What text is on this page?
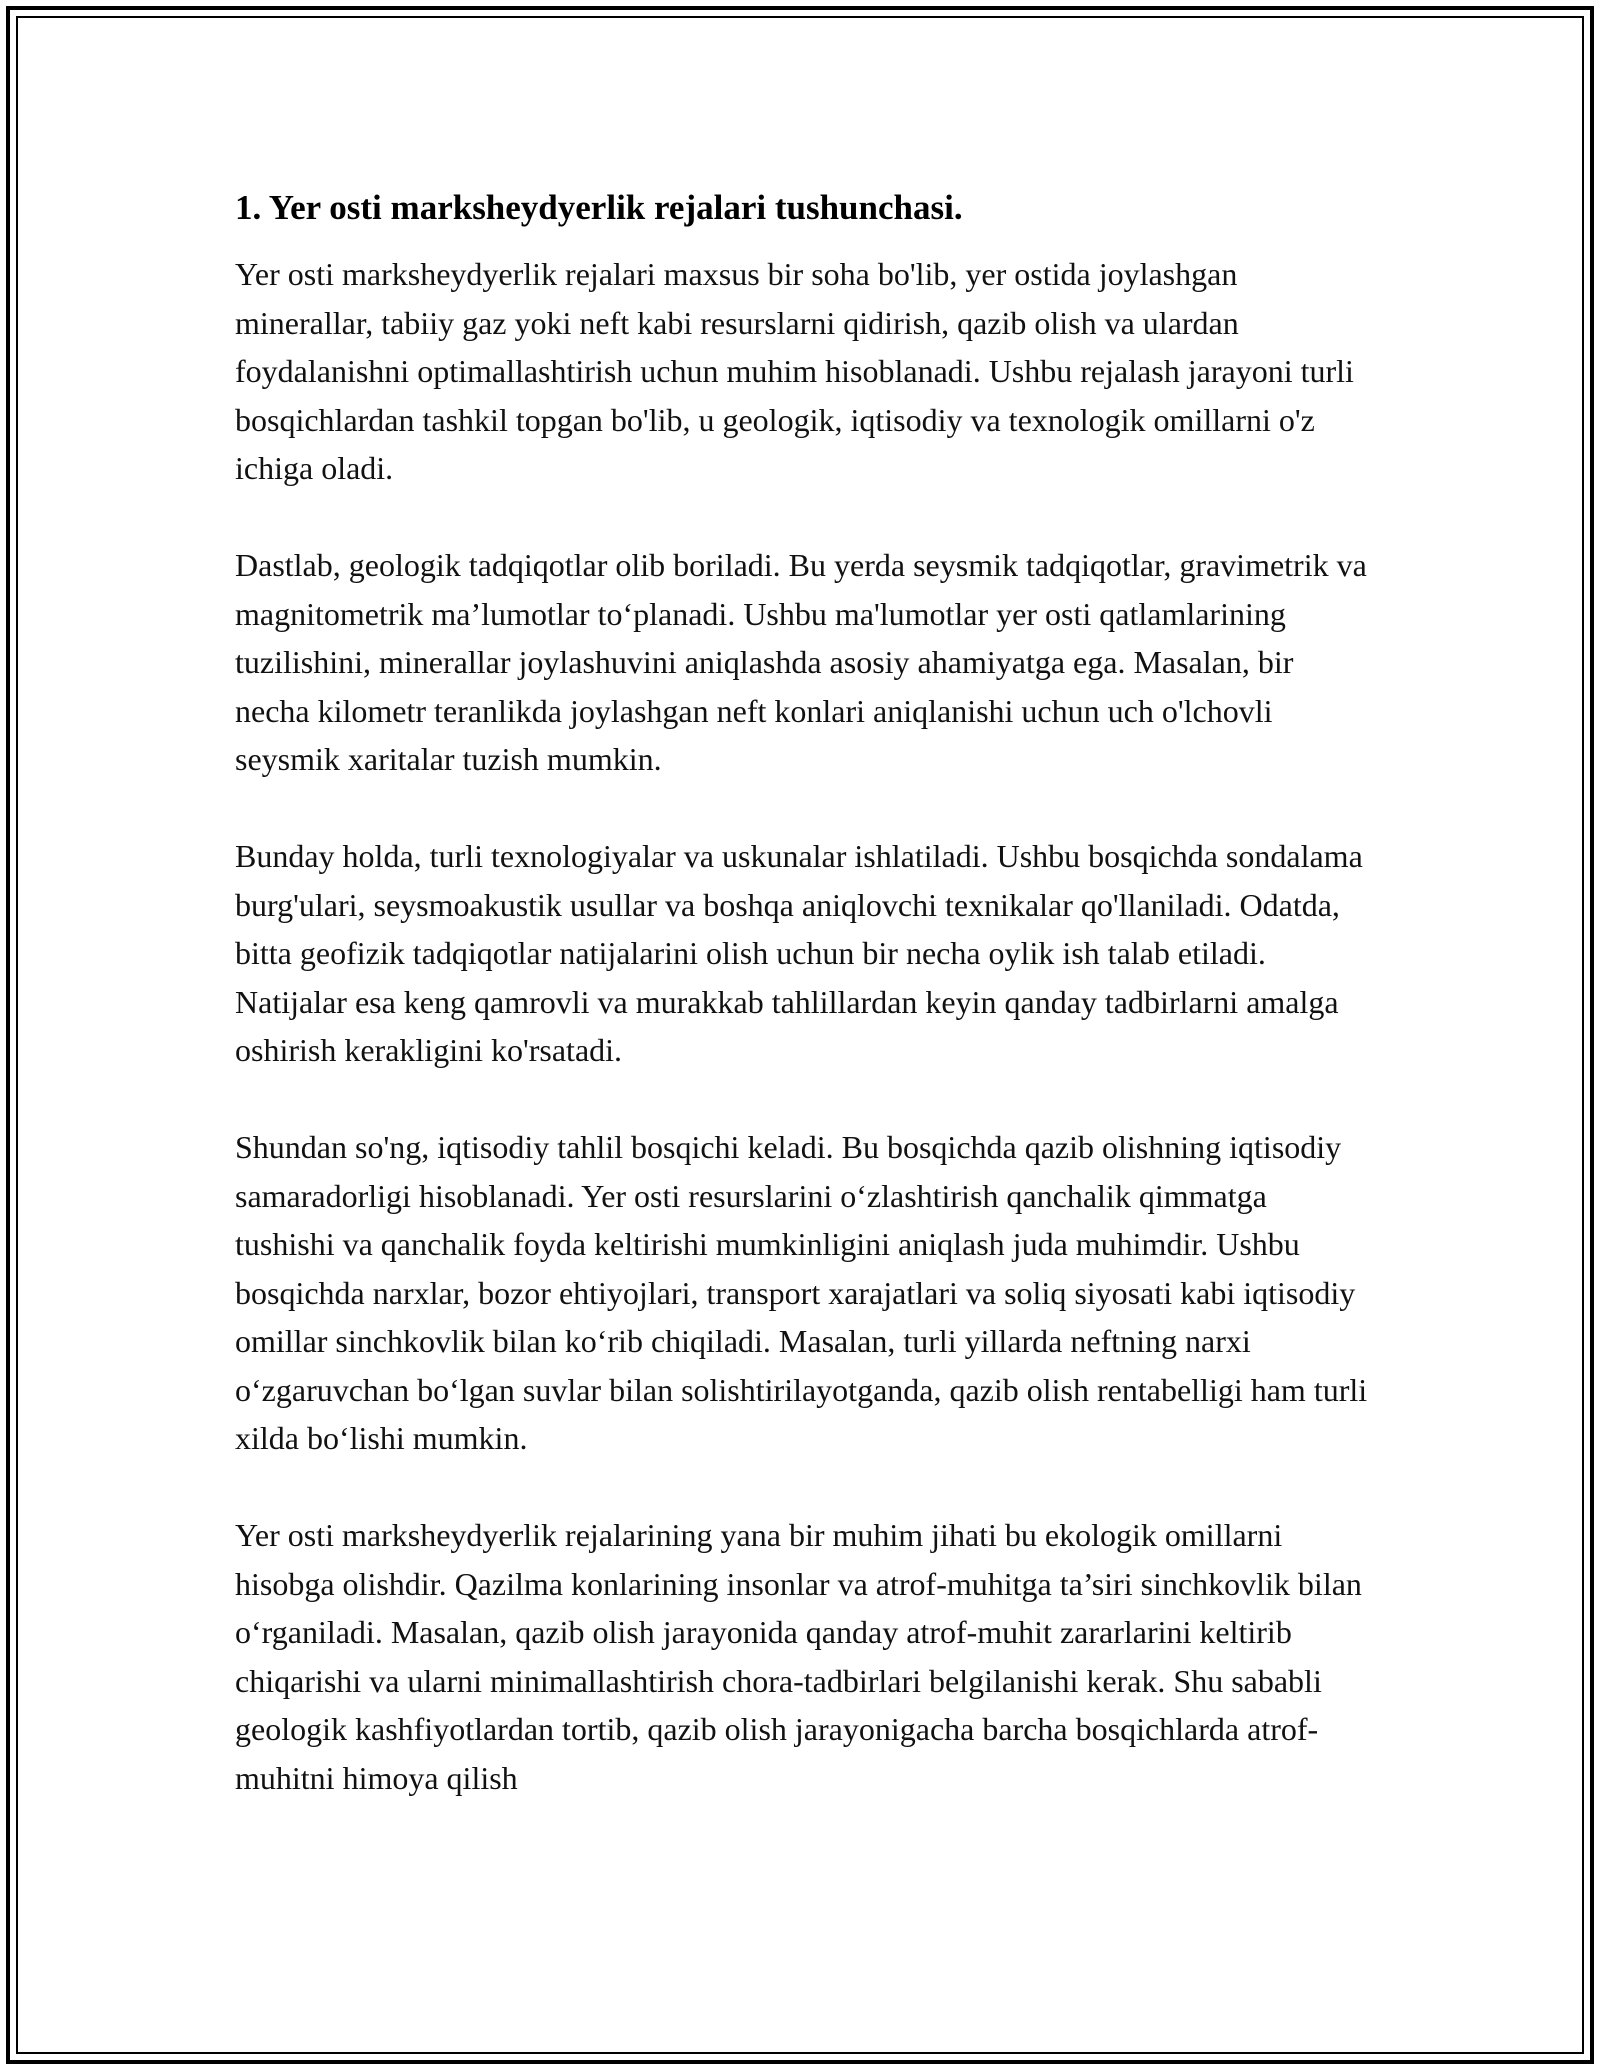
1. Yer osti marksheydyerlik rejalari tushunchasi.

Yer osti marksheydyerlik rejalari maxsus bir soha bo'lib, yer ostida joylashgan minerallar, tabiiy gaz yoki neft kabi resurslarni qidirish, qazib olish va ulardan foydalanishni optimallashtirish uchun muhim hisoblanadi. Ushbu rejalash jarayoni turli bosqichlardan tashkil topgan bo'lib, u geologik, iqtisodiy va texnologik omillarni o'z ichiga oladi.

Dastlab, geologik tadqiqotlar olib boriladi. Bu yerda seysmik tadqiqotlar, gravimetrik va magnitometrik ma’lumotlar to‘planadi. Ushbu ma'lumotlar yer osti qatlamlarining tuzilishini, minerallar joylashuvini aniqlashda asosiy ahamiyatga ega. Masalan, bir necha kilometr teranlikda joylashgan neft konlari aniqlanishi uchun uch o'lchovli seysmik xaritalar tuzish mumkin.

Bunday holda, turli texnologiyalar va uskunalar ishlatiladi. Ushbu bosqichda sondalama burg'ulari, seysmoakustik usullar va boshqa aniqlovchi texnikalar qo'llaniladi. Odatda, bitta geofizik tadqiqotlar natijalarini olish uchun bir necha oylik ish talab etiladi. Natijalar esa keng qamrovli va murakkab tahlillardan keyin qanday tadbirlarni amalga oshirish kerakligini ko'rsatadi.

Shundan so'ng, iqtisodiy tahlil bosqichi keladi. Bu bosqichda qazib olishning iqtisodiy samaradorligi hisoblanadi. Yer osti resurslarini o‘zlashtirish qanchalik qimmatga tushishi va qanchalik foyda keltirishi mumkinligini aniqlash juda muhimdir. Ushbu bosqichda narxlar, bozor ehtiyojlari, transport xarajatlari va soliq siyosati kabi iqtisodiy omillar sinchkovlik bilan ko‘rib chiqiladi. Masalan, turli yillarda neftning narxi o‘zgaruvchan bo‘lgan suvlar bilan solishtirilayotganda, qazib olish rentabelligi ham turli xilda bo‘lishi mumkin.

Yer osti marksheydyerlik rejalarining yana bir muhim jihati bu ekologik omillarni hisobga olishdir. Qazilma konlarining insonlar va atrof-muhitga ta’siri sinchkovlik bilan o‘rganiladi. Masalan, qazib olish jarayonida qanday atrof-muhit zararlarini keltirib chiqarishi va ularni minimallashtirish chora-tadbirlari belgilanishi kerak. Shu sababli geologik kashfiyotlardan tortib, qazib olish jarayonigacha barcha bosqichlarda atrof-muhitni himoya qilish
